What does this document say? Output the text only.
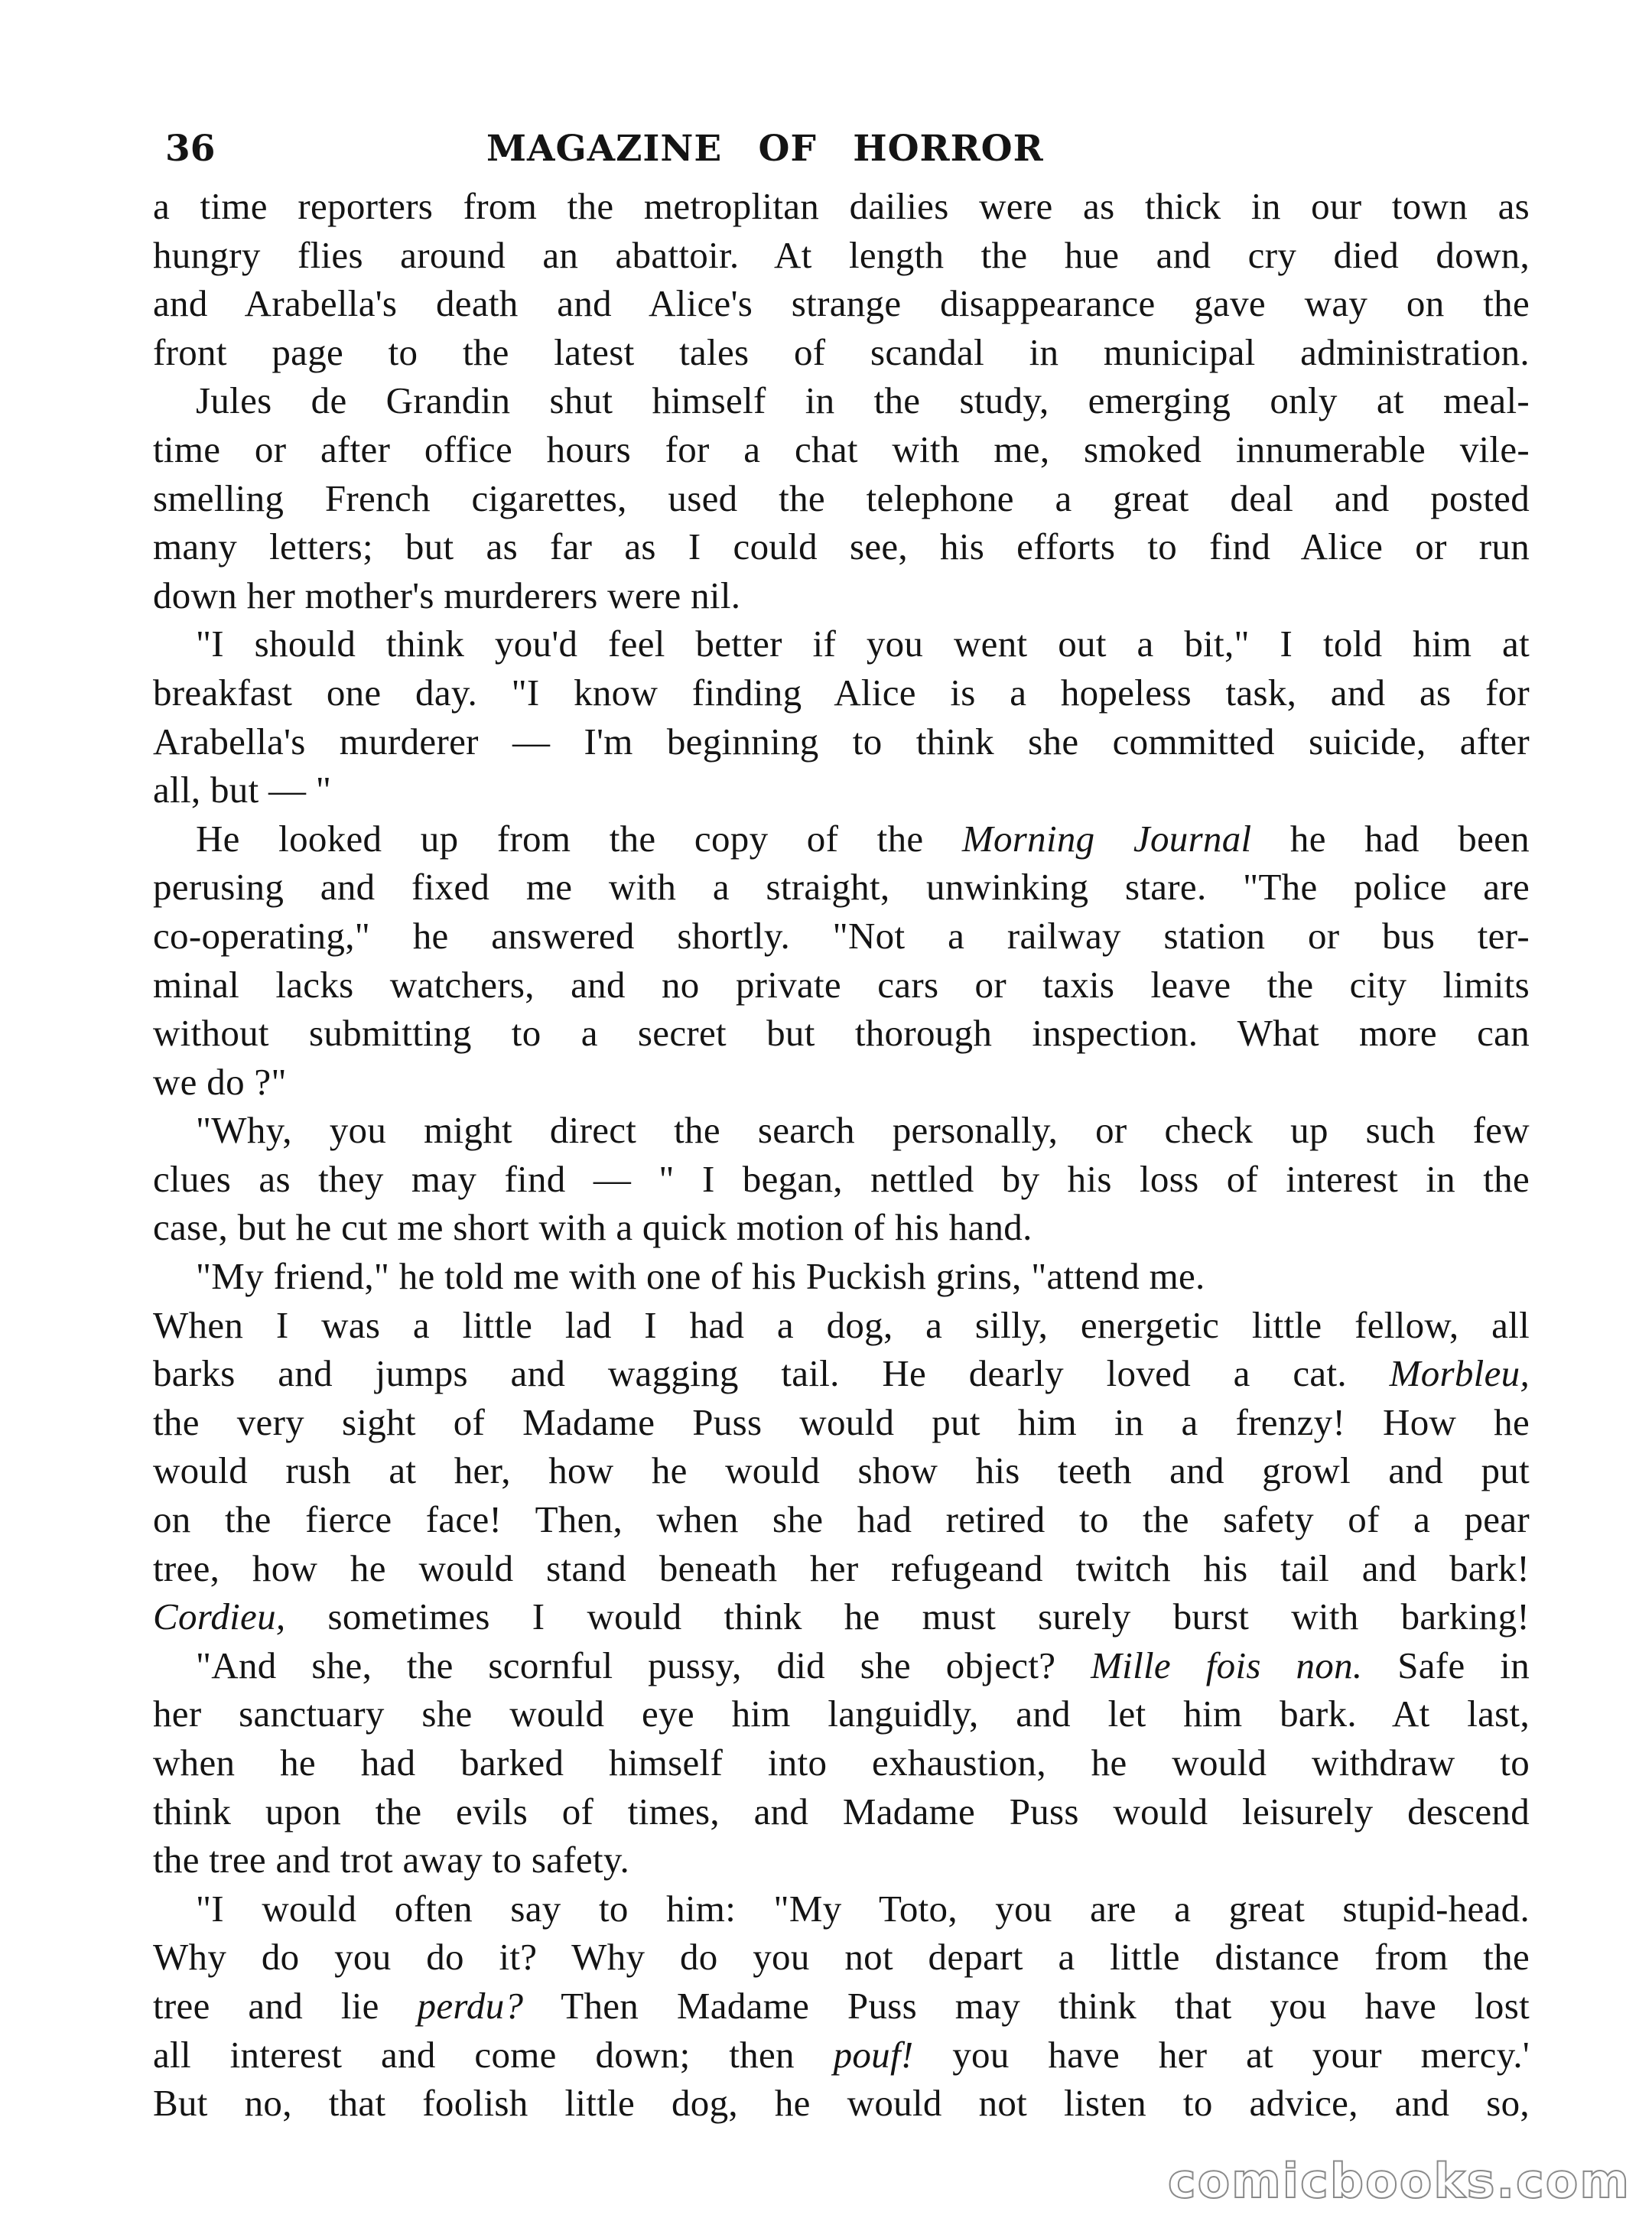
36	MAGAZINE OF HORROR
a time reporters from the metroplitan dailies were as thick in our town as
hungry flies around an abattoir. At length the hue and cry died down,
and Arabella's death and Alice's strange disappearance gave way on the
front page to the latest tales of scandal in municipal administration.
Jules de Grandin shut himself in the study, emerging only at meal-
time or after office hours for a chat with me, smoked innumerable vile-
smelling French cigarettes, used the telephone a great deal and posted
many letters; but as far as I could see, his efforts to find Alice or run
down her mother's murderers were nil.
"I should think you'd feel better if you went out a bit," I told him at
breakfast one day. "I know finding Alice is a hopeless task, and as for
Arabella's murderer — I'm beginning to think she committed suicide, after
all, but — "
He looked up from the copy of the Morning Journal he had been
perusing and fixed me with a straight, unwinking stare. "The police are
co-operating," he answered shortly. "Not a railway station or bus ter-
minal lacks watchers, and no private cars or taxis leave the city limits
without submitting to a secret but thorough inspection. What more can
we do ?"
"Why, you might direct the search personally, or check up such few
clues as they may find — " I began, nettled by his loss of interest in the
case, but he cut me short with a quick motion of his hand.
"My friend," he told me with one of his Puckish grins, "attend me.
When I was a little lad I had a dog, a silly, energetic little fellow, all
barks and jumps and wagging tail. He dearly loved a cat. Morbleu,
the very sight of Madame Puss would put him in a frenzy! How he
would rush at her, how he would show his teeth and growl and put
on the fierce face! Then, when she had retired to the safety of a pear
tree, how he would stand beneath her refugeand twitch his tail and bark!
Cordieu, sometimes I would think he must surely burst with barking!
"And she, the scornful pussy, did she object? Mille fois non. Safe in
her sanctuary she would eye him languidly, and let him bark. At last,
when he had barked himself into exhaustion, he would withdraw to
think upon the evils of times, and Madame Puss would leisurely descend
the tree and trot away to safety.
"I would often say to him: "My Toto, you are a great stupid-head.
Why do you do it? Why do you not depart a little distance from the
tree and lie perdu? Then Madame Puss may think that you have lost
all interest and come down; then pouf! you have her at your mercy.'
But no, that foolish little dog, he would not listen to advice, and so,
comicbooks.com
